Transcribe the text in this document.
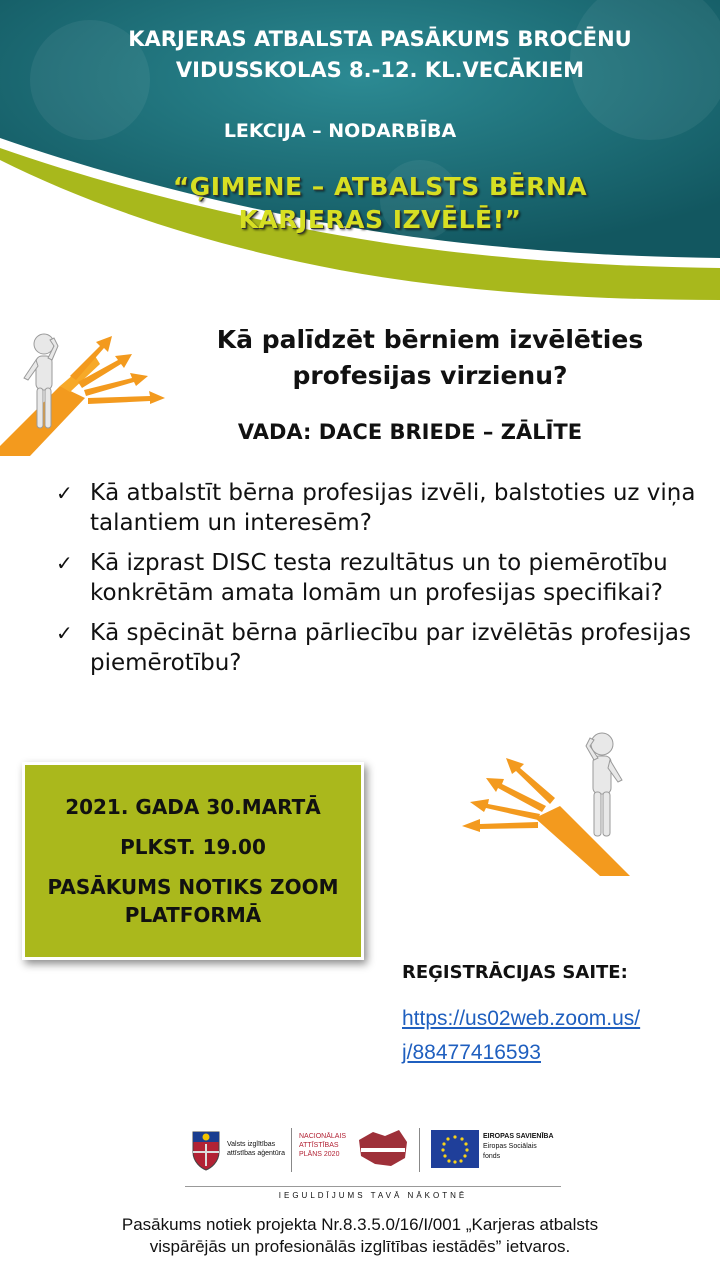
KARJERAS ATBALSTA PASĀKUMS BROCĒNU
VIDUSSKOLAS 8.-12. KL.VECĀKIEM
LEKCIJA – NODARBĪBA
“ĢIMENE – ATBALSTS BĒRNA
KARJERAS IZVĒLĒ!”
Kā palīdzēt bērniem izvēlēties
profesijas virzienu?
VADA: DACE BRIEDE – ZĀLĪTE
✓ Kā atbalstīt bērna profesijas izvēli, balstoties uz viņa talantiem un interesēm?
✓ Kā izprast DISC testa rezultātus un to piemērotību konkrētām amata lomām un profesijas specifikai?
✓ Kā spēcināt bērna pārliecību par izvēlētās profesijas piemērotību?
2021. GADA 30.MARTĀ
PLKST. 19.00
PASĀKUMS NOTIKS ZOOM
PLATFORMĀ
REĢISTRĀCIJAS SAITE:
https://us02web.zoom.us/
j/88477416593
Valsts izglītības
attīstības aģentūra
NACIONĀLAIS
ATTĪSTĪBAS
PLĀNS 2020
EIROPAS SAVIENĪBA
Eiropas Sociālais
fonds
IEGULDĪJUMS TAVĀ NĀKOTNĒ
Pasākums notiek projekta Nr.8.3.5.0/16/I/001 „Karjeras atbalsts
vispārējās un profesionālās izglītības iestādēs” ietvaros.
